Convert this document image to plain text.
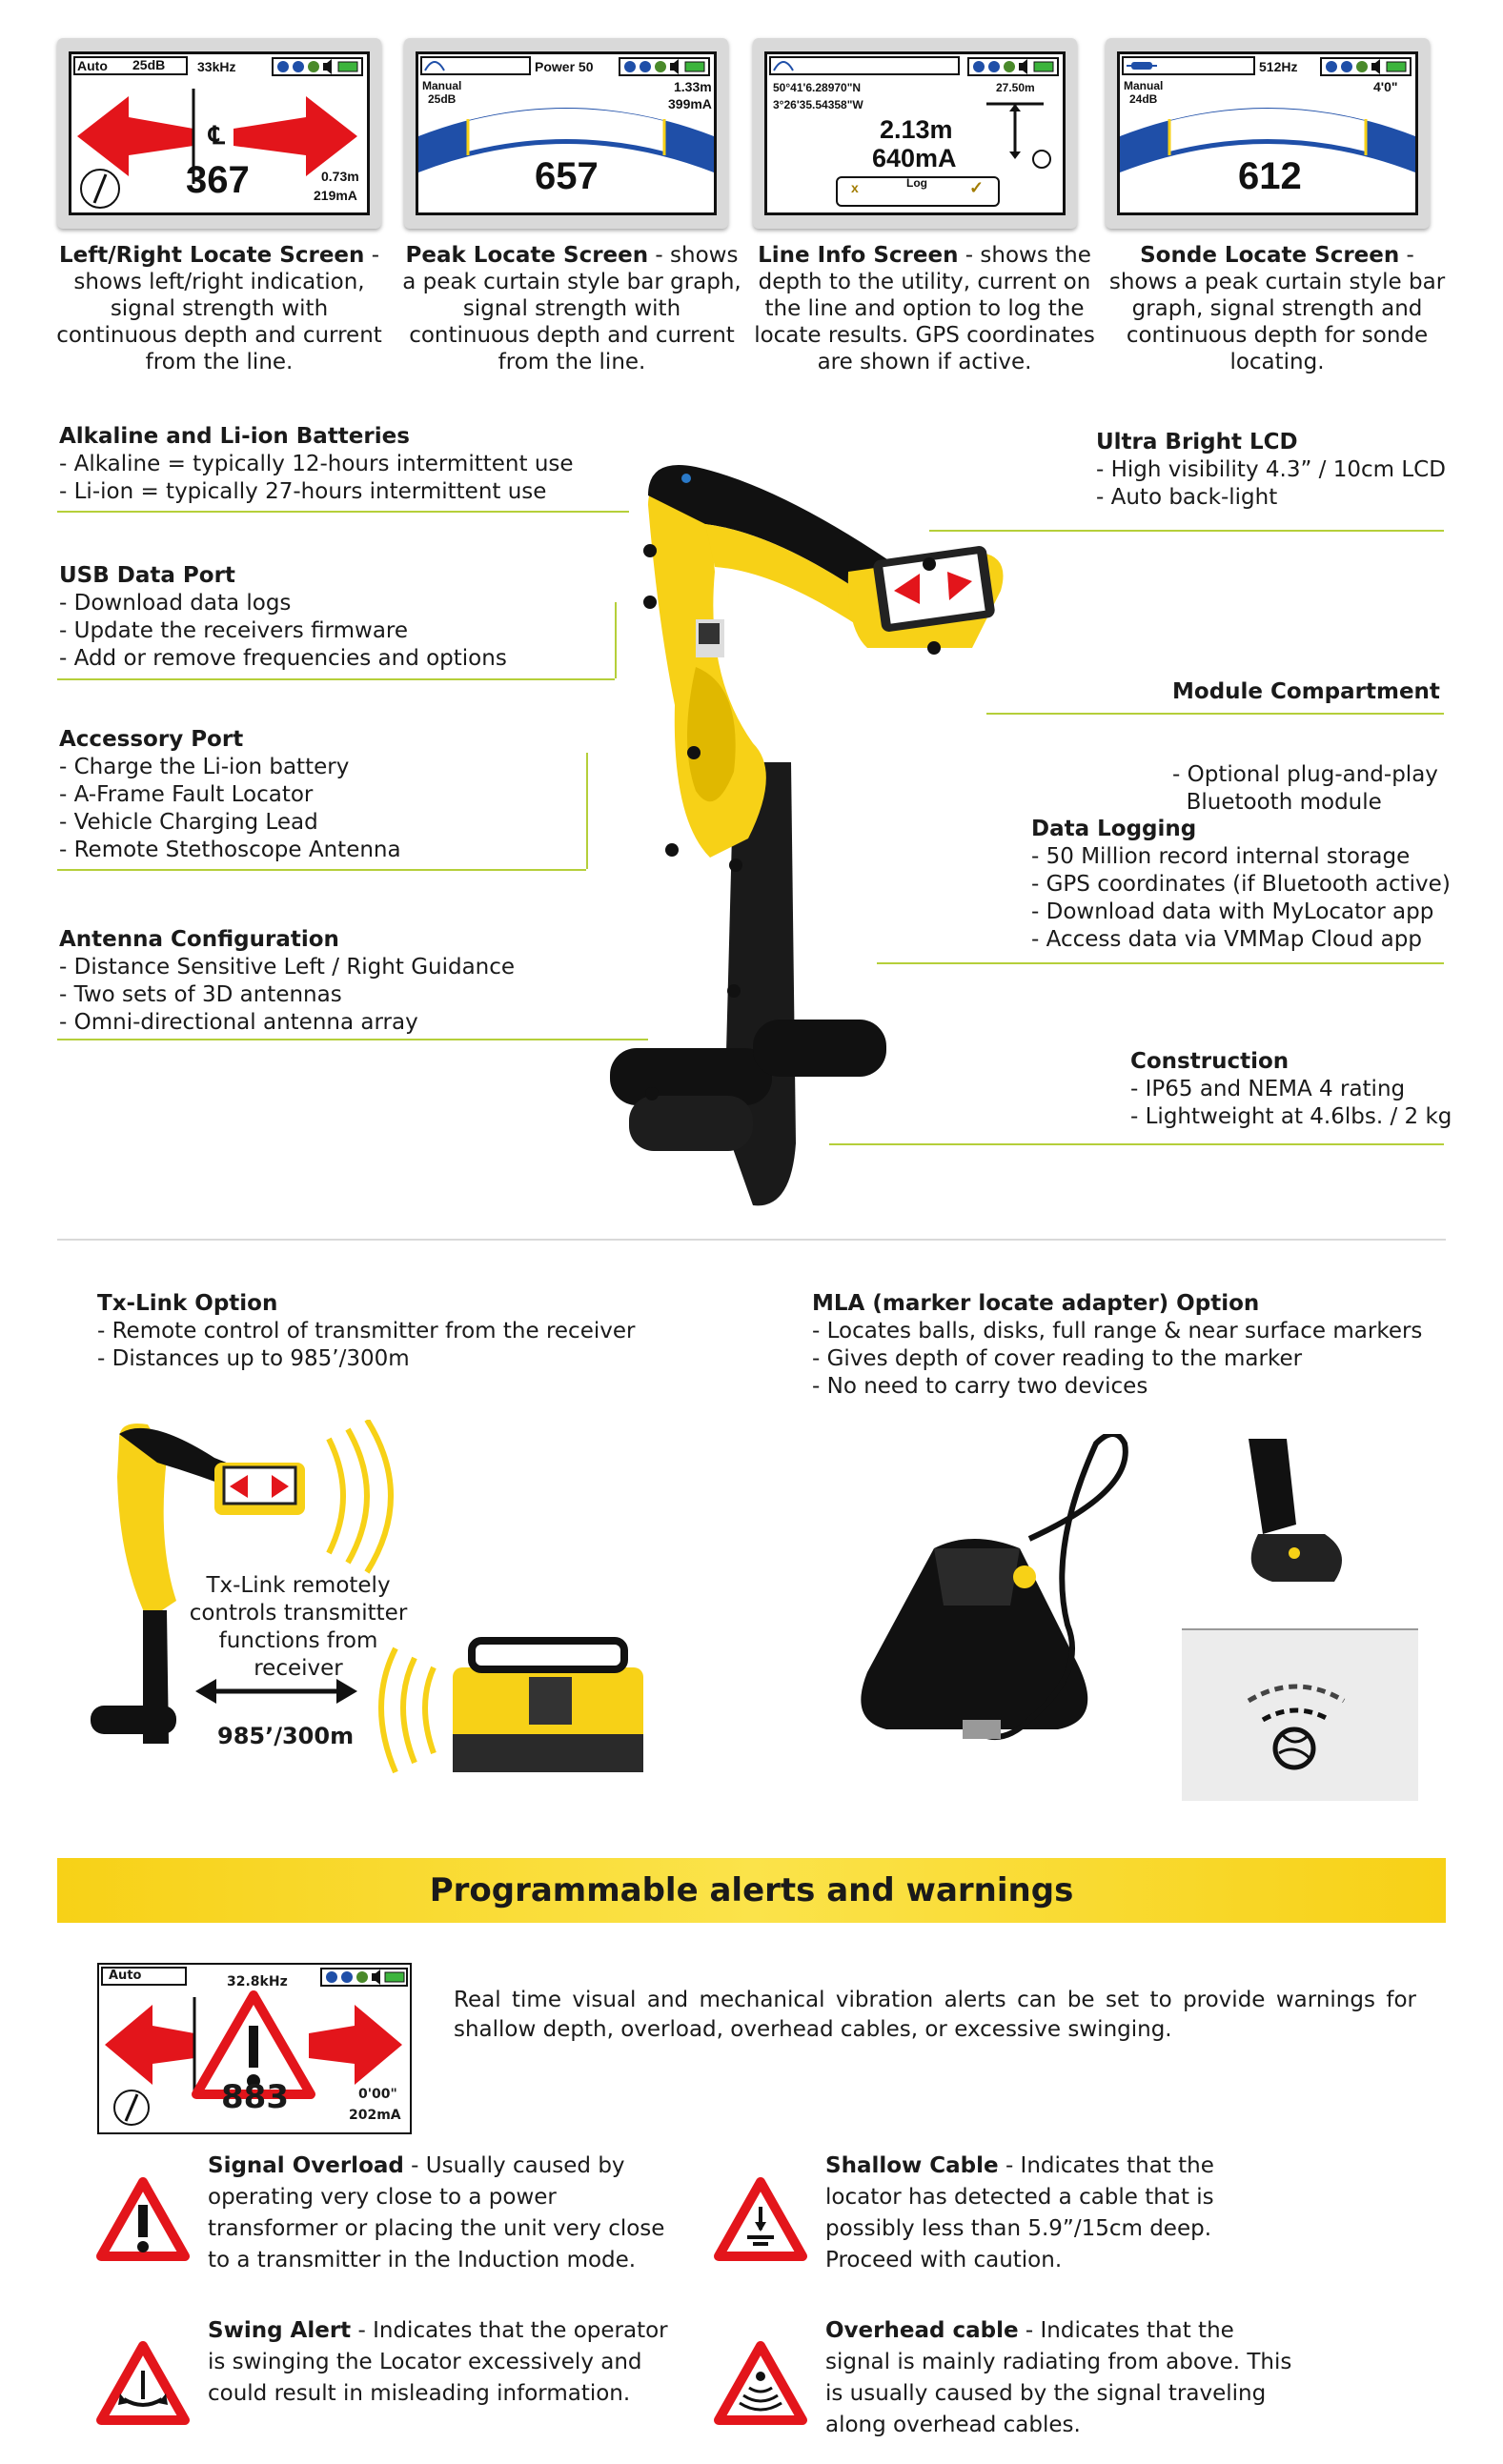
Auto 25dB 33kHz
℄
367	0.73m
219mA
Power 50
Manual
25dB
1.33m
399mA
657
50°41'6.28970"N
3°26'35.54358"W
27.50m
2.13m
640mA
x	Log ✓
512Hz
Manual
24dB
4'0"
612
Left/Right Locate Screen - shows left/right indication, signal strength with continuous depth and current from the line.
Peak Locate Screen - shows a peak curtain style bar graph, signal strength with continuous depth and current from the line.
Line Info Screen - shows the depth to the utility, current on the line and option to log the locate results. GPS coordinates are shown if active.
Sonde Locate Screen - shows a peak curtain style bar graph, signal strength and continuous depth for sonde locating.
Alkaline and Li-ion Batteries
- Alkaline = typically 12-hours intermittent use
- Li-ion = typically 27-hours intermittent use
USB Data Port
- Download data logs
- Update the receivers firmware
- Add or remove frequencies and options
Accessory Port
- Charge the Li-ion battery
- A-Frame Fault Locator
- Vehicle Charging Lead
- Remote Stethoscope Antenna
Antenna Configuration
- Distance Sensitive Left / Right Guidance
- Two sets of 3D antennas
- Omni-directional antenna array
Ultra Bright LCD
- High visibility 4.3” / 10cm LCD
- Auto back-light

Module Compartment

- Optional plug-and-play
Bluetooth module

Data Logging
- 50 Million record internal storage
- GPS coordinates (if Bluetooth active)
- Download data with MyLocator app
- Access data via VMMap Cloud app
Construction
- IP65 and NEMA 4 rating
- Lightweight at 4.6lbs. / 2 kg
Tx-Link Option
- Remote control of transmitter from the receiver
- Distances up to 985’/300m
MLA (marker locate adapter) Option
- Locates balls, disks, full range & near surface markers
- Gives depth of cover reading to the marker
- No need to carry two devices
Tx-Link remotely controls transmitter functions from receiver
985’/300m
Programmable alerts and warnings
Auto	32.8kHz
883	0'00"
202mA
Real time visual and mechanical vibration alerts can be set to provide warnings for shallow depth, overload, overhead cables, or excessive swinging.
Signal Overload - Usually caused by operating very close to a power transformer or placing the unit very close to a transmitter in the Induction mode.
Shallow Cable - Indicates that the locator has detected a cable that is possibly less than 5.9”/15cm deep. Proceed with caution.
Swing Alert - Indicates that the operator is swinging the Locator excessively and could result in misleading information.
Overhead cable - Indicates that the signal is mainly radiating from above. This is usually caused by the signal traveling along overhead cables.
